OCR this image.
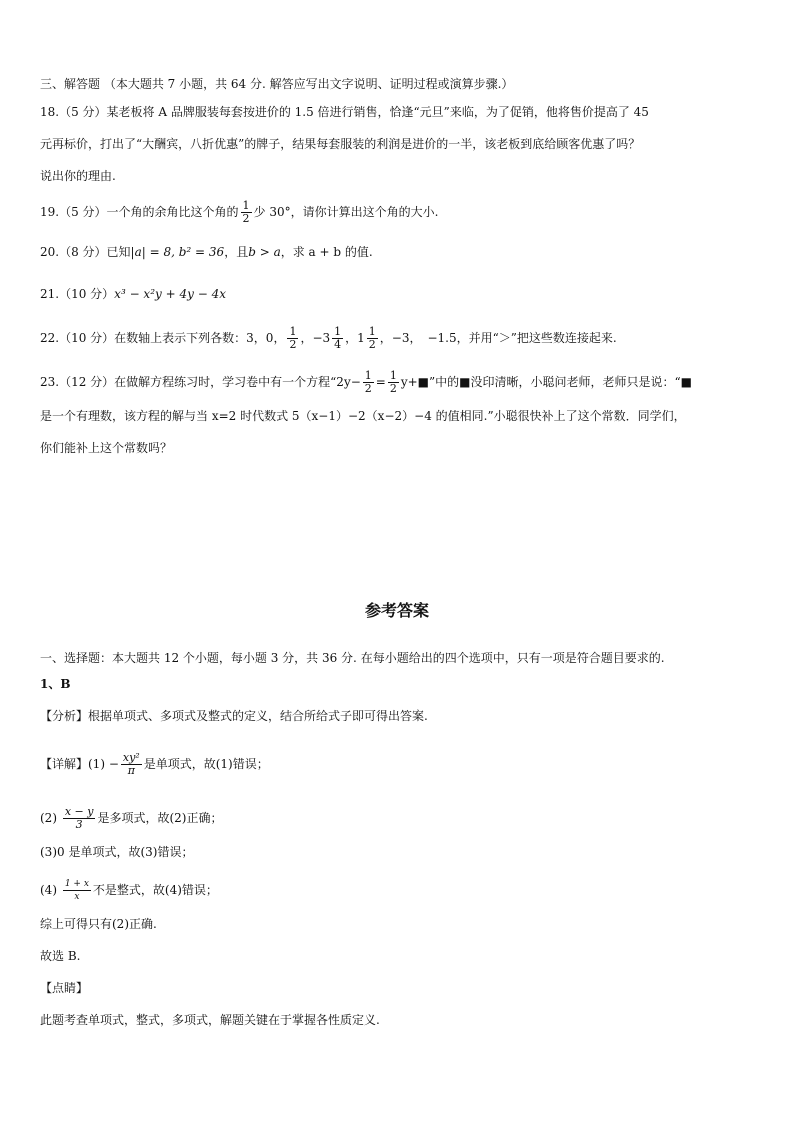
三、解答题 （本大题共 7 小题，共 64 分. 解答应写出文字说明、证明过程或演算步骤.）
18.（5 分）某老板将 A 品牌服装每套按进价的 1.5 倍进行销售，恰逢“元旦”来临，为了促销，他将售价提高了 45
元再标价，打出了“大酬宾，八折优惠”的牌子，结果每套服装的利润是进价的一半，该老板到底给顾客优惠了吗？
说出你的理由.
19.（5 分）一个角的余角比这个角的 $\frac{1}{2}$ 少 30°，请你计算出这个角的大小.
20.（8 分）已知|a| = 8, b² = 36，且b > a，求 a + b 的值.
21.（10 分）x³ − x²y + 4y − 4x
22.（10 分）在数轴上表示下列各数：3，0， $\frac{1}{2}$ ，$-3 \frac{1}{4}$ ，$1 \frac{1}{2}$ ，−3，　−1.5，并用“＞”把这些数连接起来.
23.（12 分）在做解方程练习时，学习卷中有一个方程“$2y- \frac{1}{2} = \frac{1}{2}$ y+■”中的■没印清晰，小聪问老师，老师只是说：“■
是一个有理数，该方程的解与当 x=2 时代数式 5（x−1）−2（x−2）−4 的值相同.”小聪很快补上了这个常数．同学们，
你们能补上这个常数吗？
参考答案
一、选择题：本大题共 12 个小题，每小题 3 分，共 36 分. 在每小题给出的四个选项中，只有一项是符合题目要求的.
1、B
【分析】根据单项式、多项式及整式的定义，结合所给式子即可得出答案.
【详解】$(1) - \frac{\text{xy²}}{\pi}$ 是单项式，故(1)错误；
$(2) \frac{x - y}{3}$ 是多项式，故(2)正确；
(3)0 是单项式，故(3)错误；
$(4) \frac{1 + x}{x}$ 不是整式，故(4)错误；
综上可得只有(2)正确.
故选 B.
【点睛】
此题考查单项式，整式，多项式，解题关键在于掌握各性质定义.
